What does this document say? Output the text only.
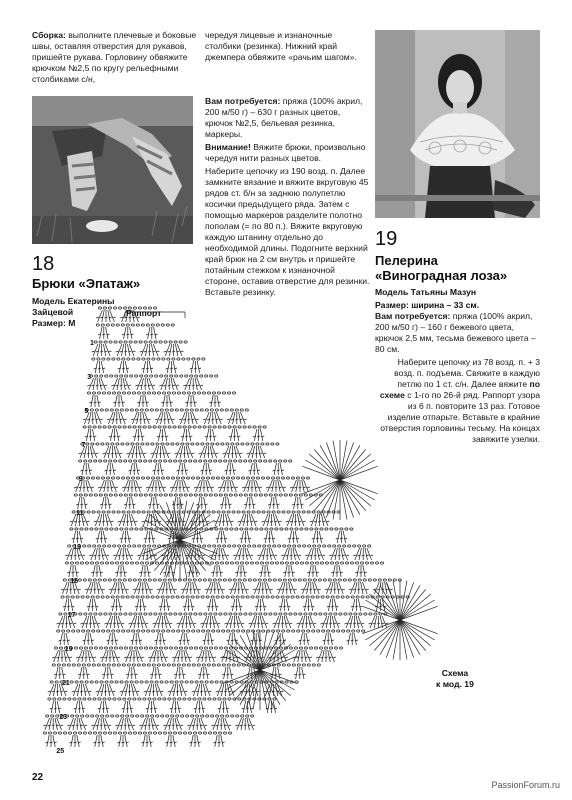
Сборка: выполните плечевые и боковые швы, оставляя отверстия для рукавов, пришейте рукава. Горловину обвяжите крючком №2,5 по кругу рельефными столбиками с/н,

чередуя лицевые и изнаночные столбики (резинка). Нижний край джемпера обвяжите «рачьим шагом».

18
Брюки «Эпатаж»
Модель Екатерины
Зайцевой
Размер: М

Вам потребуется: пряжа (100% акрил, 200 м/50 г) – 630 г разных цветов, крючок №2,5, бельевая резинка, маркеры.

Внимание! Вяжите брюки, произвольно чередуя нити разных цветов.

Наберите цепочку из 190 возд. п. Далее замкните вязание и вяжите вкруговую 45 рядов ст. б/н за заднюю полупетлю косички предыдущего ряда. Затем с помощью маркеров разделите полотно пополам (= по 80 п.). Вяжите вкруговую каждую штанину отдельно до необходимой длины. Подогните верхний край брюк на 2 см внутрь и пришейте потайным стежком к изнаночной стороне, оставив отверстие для резинки. Вставьте резинку.

19
Пелерина
«Виноградная лоза»
Модель Татьяны Мазун
Размер: ширина – 33 см.

Вам потребуется: пряжа (100% акрил, 200 м/50 г) – 160 г бежевого цвета, крючок 2,5 мм, тесьма бежевого цвета – 80 см.

Наберите цепочку из 78 возд. п. + 3 возд. п. подъема. Свяжите в каждую петлю по 1 ст. с/н. Далее вяжите по схеме с 1-го по 26-й ряд. Раппорт узора из 6 п. повторите 13 раз. Готовое изделие отпарьте. Вставьте в крайние отверстия горловины тесьму. На концах завяжите узелки.

1
3
5
7
9
11
13
15
17
19
21
23
25
Раппорт
Схема
к мод. 19
22
PassionForum.ru
